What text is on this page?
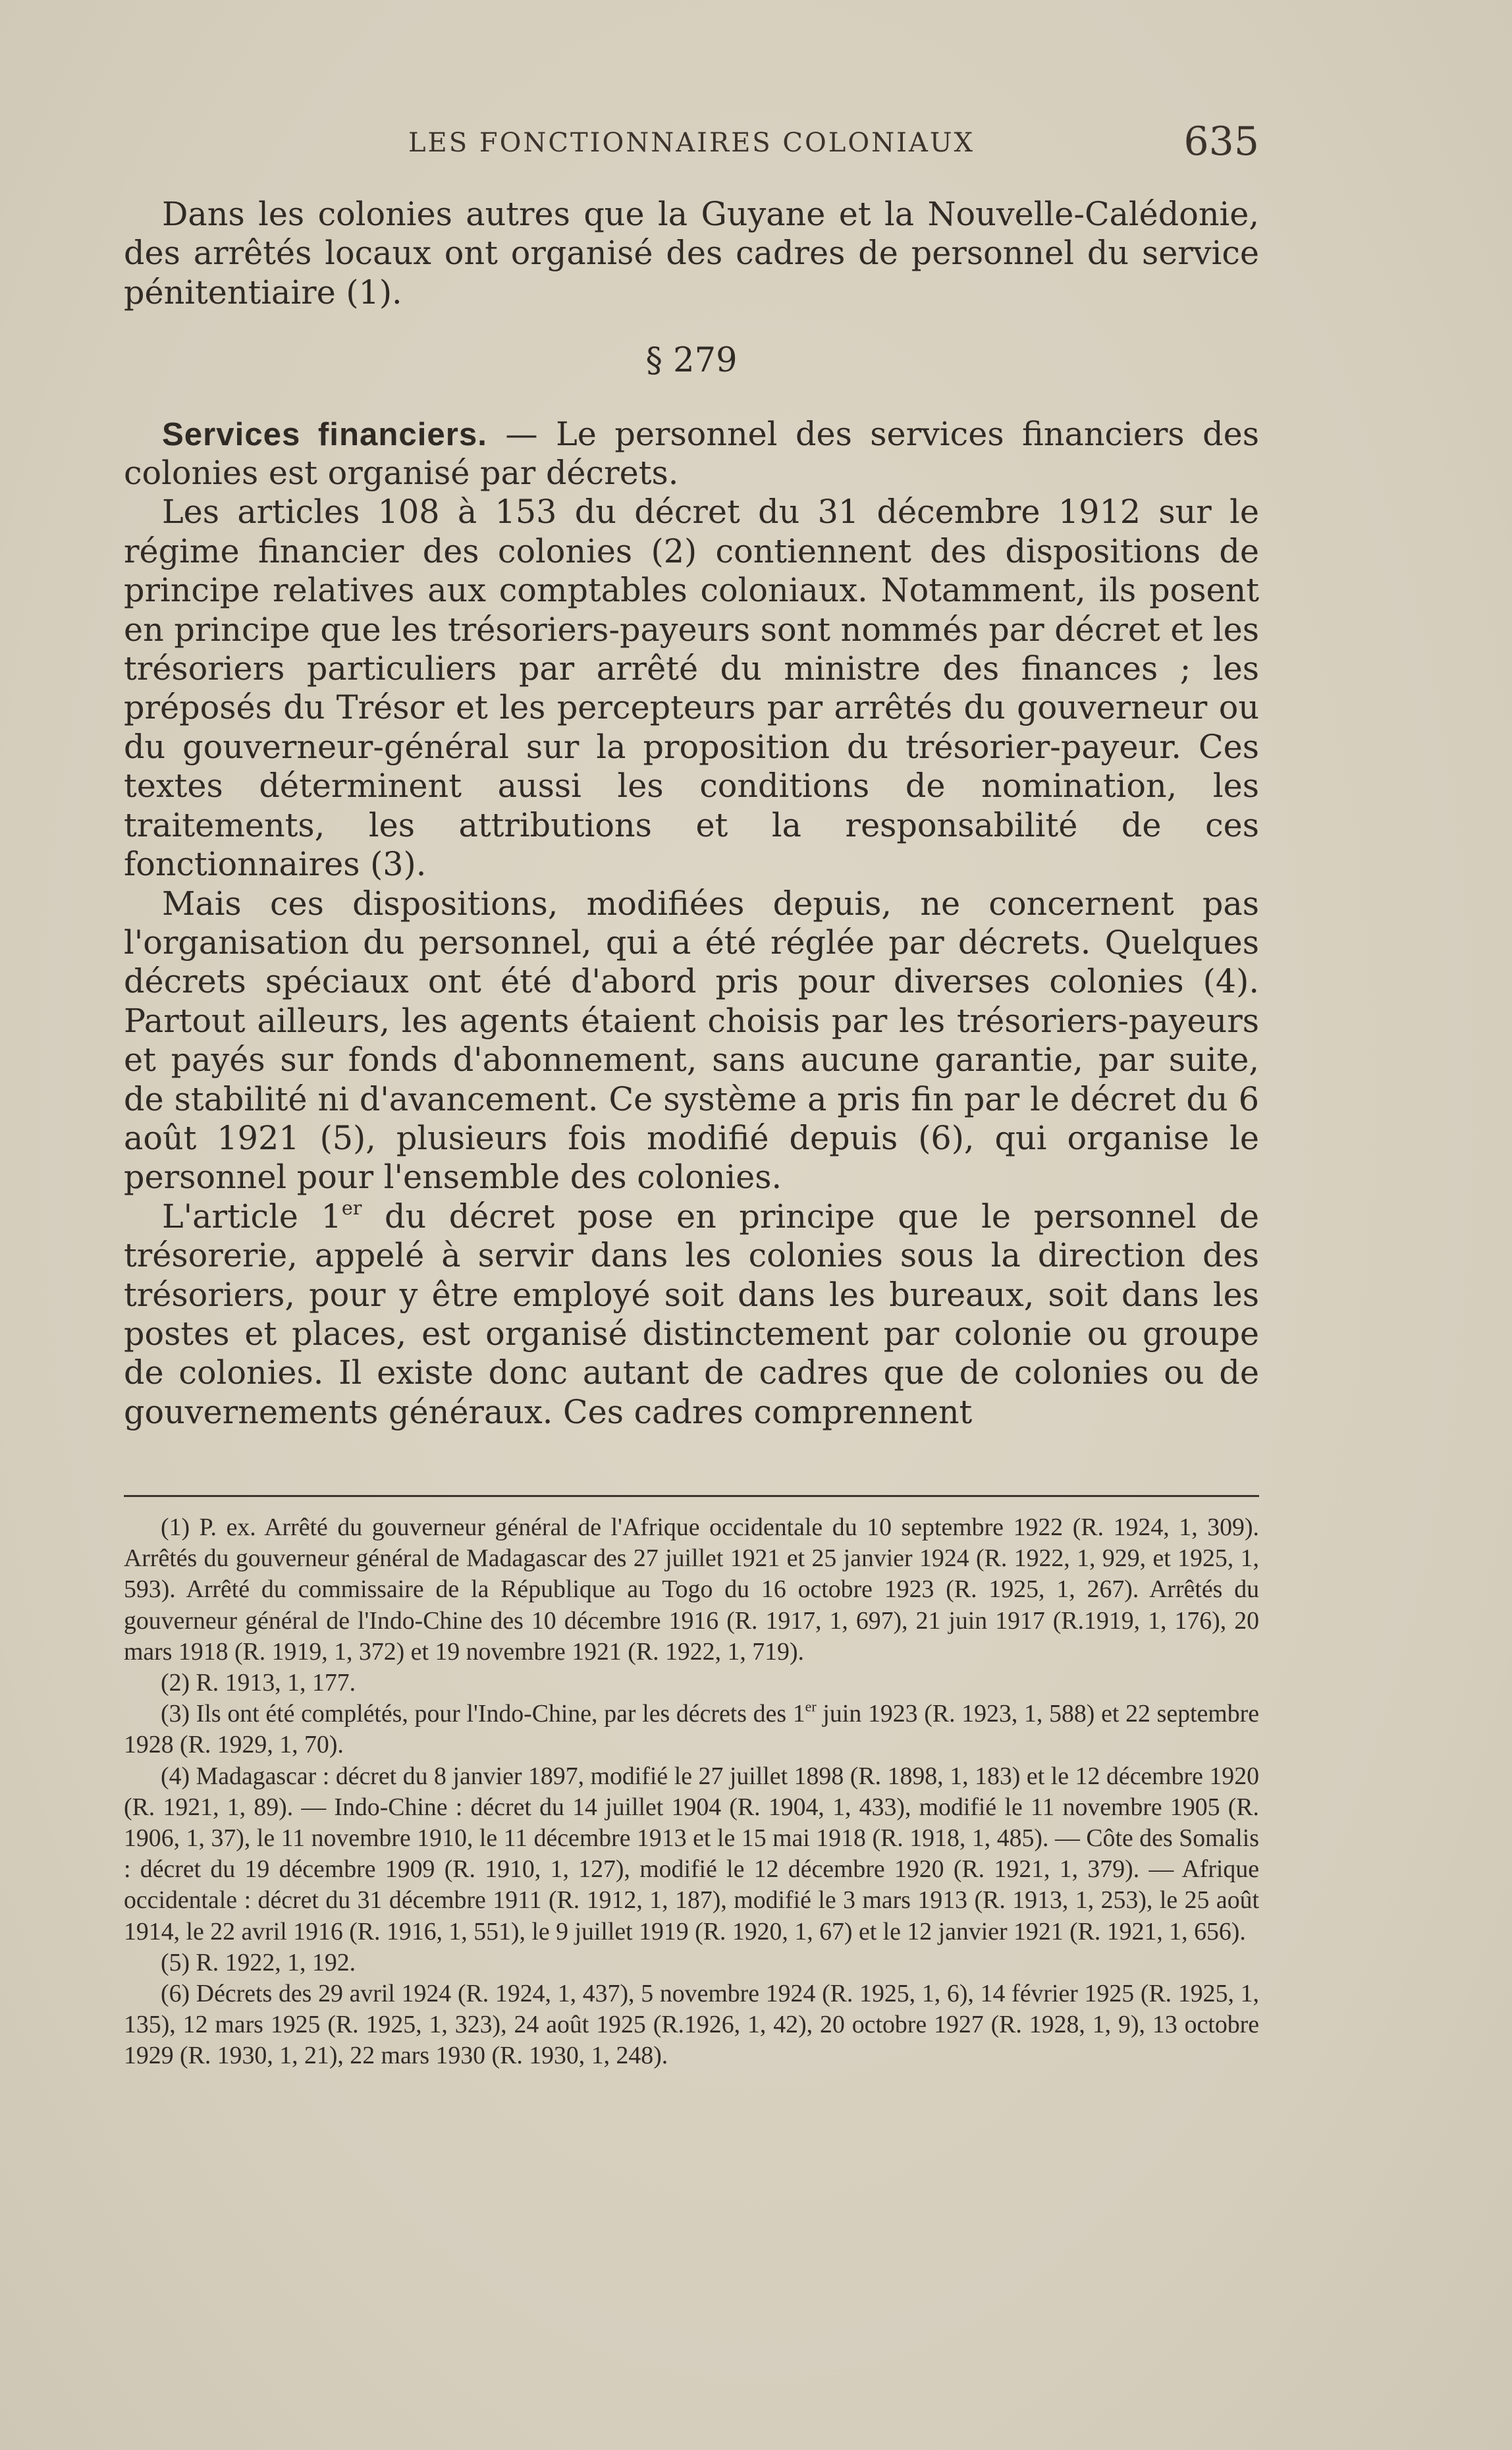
LES FONCTIONNAIRES COLONIAUX	635

Dans les colonies autres que la Guyane et la Nouvelle-Calédonie, des arrêtés locaux ont organisé des cadres de personnel du service pénitentiaire (1).

§ 279

Services financiers. — Le personnel des services financiers des colonies est organisé par décrets.

Les articles 108 à 153 du décret du 31 décembre 1912 sur le régime financier des colonies (2) contiennent des dispositions de principe relatives aux comptables coloniaux. Notamment, ils posent en principe que les trésoriers-payeurs sont nommés par décret et les trésoriers particuliers par arrêté du ministre des finances ; les préposés du Trésor et les percepteurs par arrêtés du gouverneur ou du gouverneur-général sur la proposition du trésorier-payeur. Ces textes déterminent aussi les conditions de nomination, les traitements, les attributions et la responsabilité de ces fonctionnaires (3).

Mais ces dispositions, modifiées depuis, ne concernent pas l'organisation du personnel, qui a été réglée par décrets. Quelques décrets spéciaux ont été d'abord pris pour diverses colonies (4). Partout ailleurs, les agents étaient choisis par les trésoriers-payeurs et payés sur fonds d'abonnement, sans aucune garantie, par suite, de stabilité ni d'avancement. Ce système a pris fin par le décret du 6 août 1921 (5), plusieurs fois modifié depuis (6), qui organise le personnel pour l'ensemble des colonies.

L'article 1er du décret pose en principe que le personnel de trésorerie, appelé à servir dans les colonies sous la direction des trésoriers, pour y être employé soit dans les bureaux, soit dans les postes et places, est organisé distinctement par colonie ou groupe de colonies. Il existe donc autant de cadres que de colonies ou de gouvernements généraux. Ces cadres comprennent

(1) P. ex. Arrêté du gouverneur général de l'Afrique occidentale du 10 septembre 1922 (R. 1924, 1, 309). Arrêtés du gouverneur général de Madagascar des 27 juillet 1921 et 25 janvier 1924 (R. 1922, 1, 929, et 1925, 1, 593). Arrêté du commissaire de la République au Togo du 16 octobre 1923 (R. 1925, 1, 267). Arrêtés du gouverneur général de l'Indo-Chine des 10 décembre 1916 (R. 1917, 1, 697), 21 juin 1917 (R.1919, 1, 176), 20 mars 1918 (R. 1919, 1, 372) et 19 novembre 1921 (R. 1922, 1, 719).

(2) R. 1913, 1, 177.

(3) Ils ont été complétés, pour l'Indo-Chine, par les décrets des 1er juin 1923 (R. 1923, 1, 588) et 22 septembre 1928 (R. 1929, 1, 70).

(4) Madagascar : décret du 8 janvier 1897, modifié le 27 juillet 1898 (R. 1898, 1, 183) et le 12 décembre 1920 (R. 1921, 1, 89). — Indo-Chine : décret du 14 juillet 1904 (R. 1904, 1, 433), modifié le 11 novembre 1905 (R. 1906, 1, 37), le 11 novembre 1910, le 11 décembre 1913 et le 15 mai 1918 (R. 1918, 1, 485). — Côte des Somalis : décret du 19 décembre 1909 (R. 1910, 1, 127), modifié le 12 décembre 1920 (R. 1921, 1, 379). — Afrique occidentale : décret du 31 décembre 1911 (R. 1912, 1, 187), modifié le 3 mars 1913 (R. 1913, 1, 253), le 25 août 1914, le 22 avril 1916 (R. 1916, 1, 551), le 9 juillet 1919 (R. 1920, 1, 67) et le 12 janvier 1921 (R. 1921, 1, 656).

(5) R. 1922, 1, 192.

(6) Décrets des 29 avril 1924 (R. 1924, 1, 437), 5 novembre 1924 (R. 1925, 1, 6), 14 février 1925 (R. 1925, 1, 135), 12 mars 1925 (R. 1925, 1, 323), 24 août 1925 (R.1926, 1, 42), 20 octobre 1927 (R. 1928, 1, 9), 13 octobre 1929 (R. 1930, 1, 21), 22 mars 1930 (R. 1930, 1, 248).
